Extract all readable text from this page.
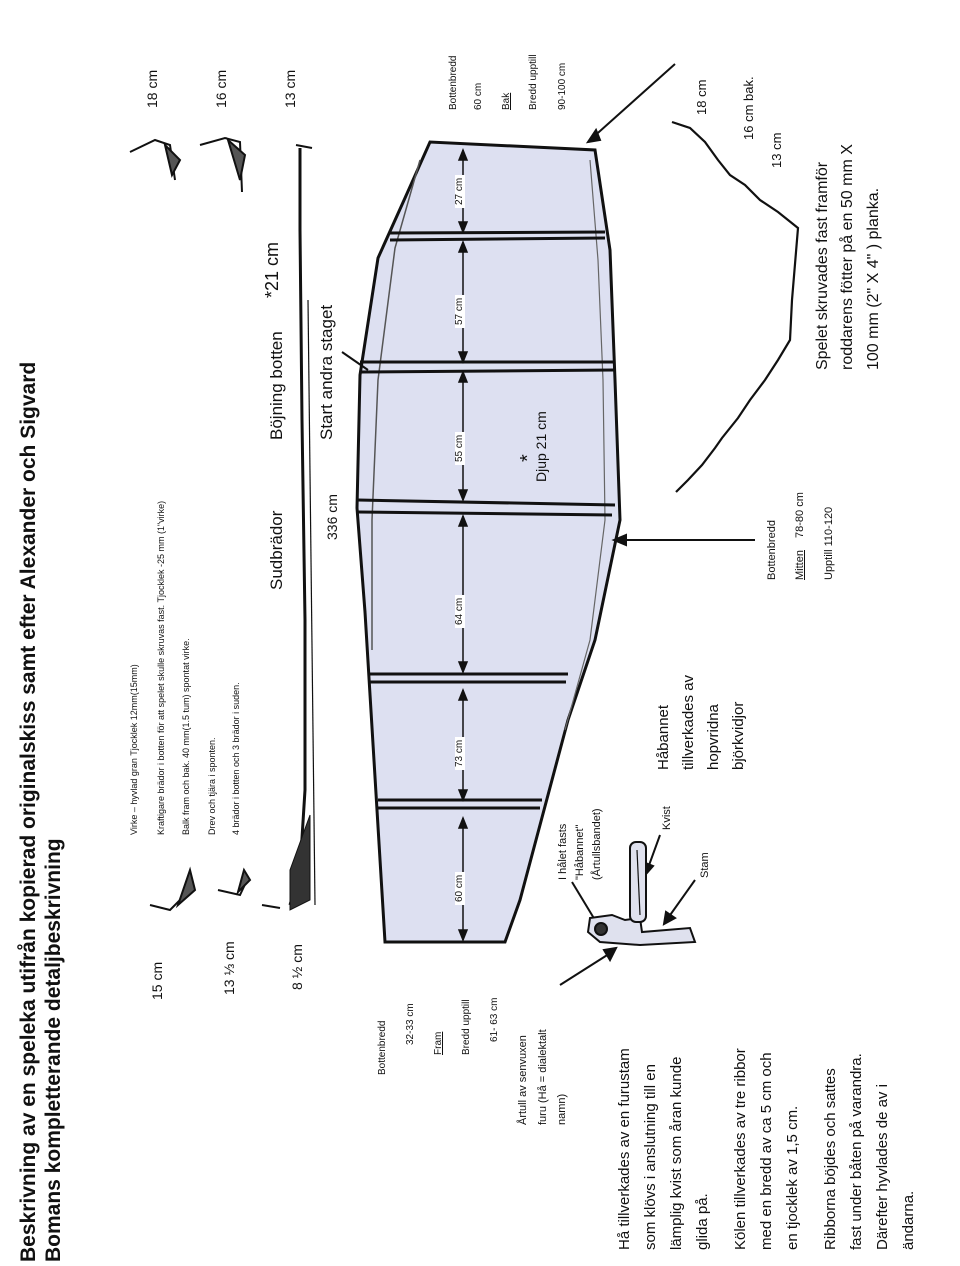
Beskrivning av en speleka utifrån kopierad originalskiss samt efter Alexander och Sigvard Bomans kompletterande detaljbeskrivning
18 cm	16 cm	13 cm
15 cm	13 ⅓ cm	8 ½ cm
Virke – hyvlad gran Tjocklek 12mm(15mm) Kraftigare brädor i botten för att spelet skulle skruvas fast. Tjocklek -25 mm (1"virke) Balk fram och bak. 40 mm(1.5 tum) spontat virke. Drev och tjära i sponten. 4 brädor i botten och 3 brädor i suden.
Sudbrädor
Böjning botten
*21 cm
Start andra staget
336 cm
60 cm
73 cm
64 cm
55 cm
57 cm
27 cm
*
Djup 21 cm
Bottenbredd 60 cm Bak Bredd upptill 90-100 cm	18 cm 16 cm bak.
13 cm
Spelet skruvades fast framför roddarens fötter på en 50 mm X 100 mm (2" X 4" ) planka.
Bottenbredd Mitten
78-80 cm Upptill 110-120
Håbannet tillverkades av hopvridna björkvidjor
I hålet fasts "Håbannet" (Årtullsbandet)	Kvist
Stam
Bottenbredd 32-33 cm Fram Bredd upptill 61- 63 cm
Årtull av senvuxen furu (Hå = dialektalt namn)	Hå tillverkades av en furustam som klövs i anslutning till en lämplig kvist som åran kunde glida på. Kölen tillverkades av tre ribbor med en bredd av ca 5 cm och en tjocklek av 1,5 cm. Ribborna böjdes och sattes fast under båten på varandra. Därefter hyvlades de av i ändarna.
